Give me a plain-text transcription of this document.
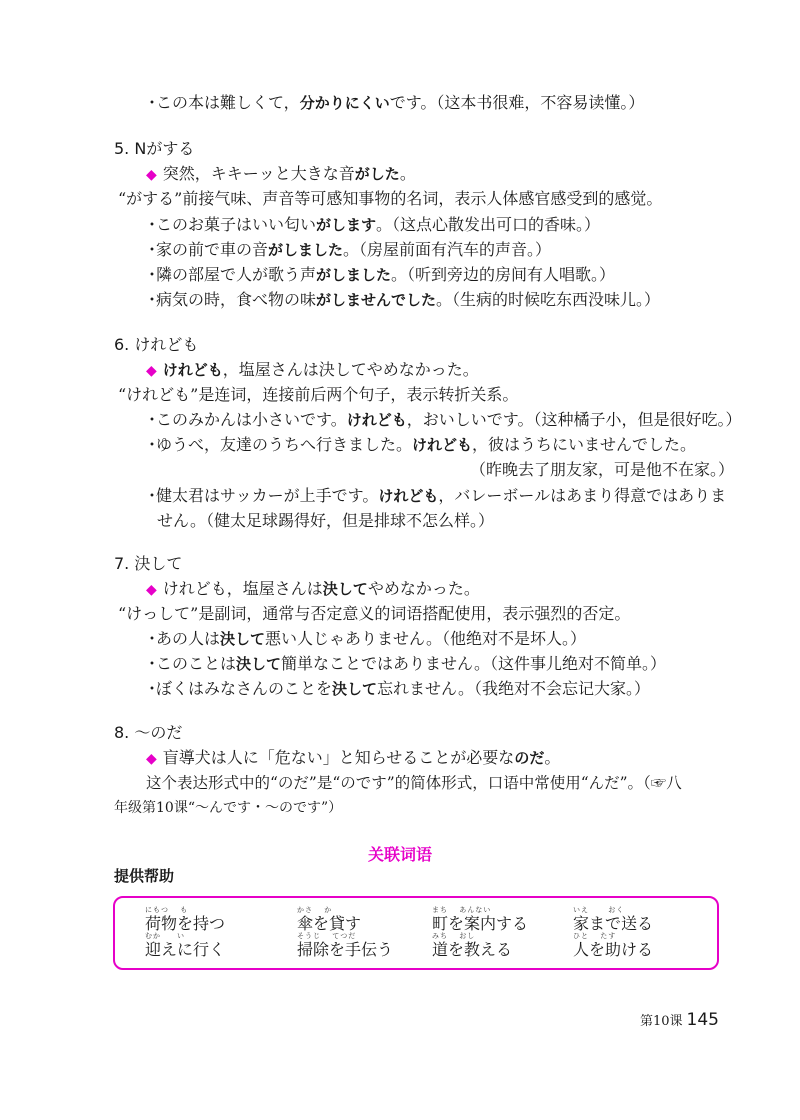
・この本は難しくて，分かりにくいです。（这本书很难，不容易读懂。）
5. Nがする
◆ 突然，キキーッと大きな音がした。
“がする”前接气味、声音等可感知事物的名词，表示人体感官感受到的感觉。
・このお菓子はいい匂いがします。（这点心散发出可口的香味。）
・家の前で車の音がしました。（房屋前面有汽车的声音。）
・隣の部屋で人が歌う声がしました。（听到旁边的房间有人唱歌。）
・病気の時，食べ物の味がしませんでした。（生病的时候吃东西没味儿。）
6. けれども
◆ けれども，塩屋さんは決してやめなかった。
“けれども”是连词，连接前后两个句子，表示转折关系。
・このみかんは小さいです。けれども，おいしいです。（这种橘子小，但是很好吃。）
・ゆうべ，友達のうちへ行きました。けれども，彼はうちにいませんでした。
（昨晚去了朋友家，可是他不在家。）
・健太君はサッカーが上手です。けれども，バレーボールはあまり得意ではありま
せん。（健太足球踢得好，但是排球不怎么样。）
7. 決して
◆ けれども，塩屋さんは決してやめなかった。
“けっして”是副词，通常与否定意义的词语搭配使用，表示强烈的否定。
・あの人は決して悪い人じゃありません。（他绝对不是坏人。）
・このことは決して簡単なことではありません。（这件事儿绝对不简单。）
・ぼくはみなさんのことを決して忘れません。（我绝对不会忘记大家。）
8. ～のだ
◆ 盲導犬は人に「危ない」と知らせることが必要なのだ。
这个表达形式中的“のだ”是“のです”的简体形式，口语中常使用“んだ”。（☞八
年级第10课“～んです・～のです”）
关联词语
提供帮助
にもつ　 も
荷物を持つ
かさ　 か
傘を貸す
まち　 あんない
町を案内する
いえ　　 おく
家まで送る
むか　　い
迎えに行く
そうじ　 てつだ
掃除を手伝う
みち　 おし
道を教える
ひと　 たす
人を助ける
第10课 145
